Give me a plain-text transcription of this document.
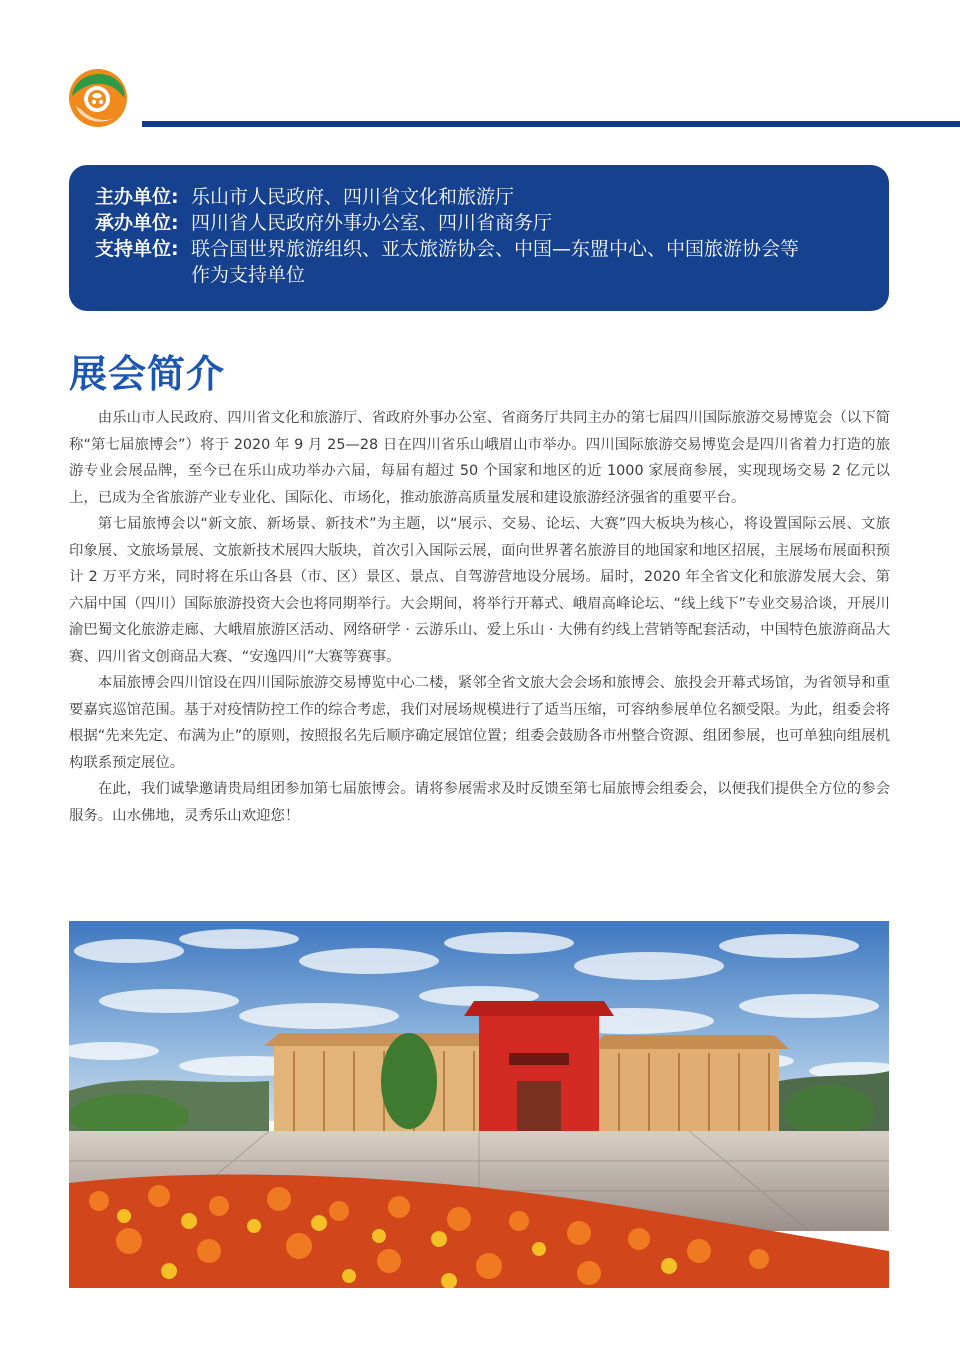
主办单位: 乐山市人民政府、四川省文化和旅游厅
承办单位: 四川省人民政府外事办公室、四川省商务厅
支持单位: 联合国世界旅游组织、亚太旅游协会、中国—东盟中心、中国旅游协会等
作为支持单位
展会简介

由乐山市人民政府、四川省文化和旅游厅、省政府外事办公室、省商务厅共同主办的第七届四川国际旅游交易博览会（以下简称“第七届旅博会”）将于 2020 年 9 月 25—28 日在四川省乐山峨眉山市举办。四川国际旅游交易博览会是四川省着力打造的旅游专业会展品牌，至今已在乐山成功举办六届，每届有超过 50 个国家和地区的近 1000 家展商参展，实现现场交易 2 亿元以上，已成为全省旅游产业专业化、国际化、市场化，推动旅游高质量发展和建设旅游经济强省的重要平台。

第七届旅博会以“新文旅、新场景、新技术”为主题，以“展示、交易、论坛、大赛”四大板块为核心，将设置国际云展、文旅印象展、文旅场景展、文旅新技术展四大版块，首次引入国际云展，面向世界著名旅游目的地国家和地区招展，主展场布展面积预计 2 万平方米，同时将在乐山各县（市、区）景区、景点、自驾游营地设分展场。届时，2020 年全省文化和旅游发展大会、第六届中国（四川）国际旅游投资大会也将同期举行。大会期间，将举行开幕式、峨眉高峰论坛、“线上线下”专业交易洽谈，开展川渝巴蜀文化旅游走廊、大峨眉旅游区活动、网络研学 · 云游乐山、爱上乐山 · 大佛有约线上营销等配套活动，中国特色旅游商品大赛、四川省文创商品大赛、“安逸四川”大赛等赛事。

本届旅博会四川馆设在四川国际旅游交易博览中心二楼，紧邻全省文旅大会会场和旅博会、旅投会开幕式场馆，为省领导和重要嘉宾巡馆范围。基于对疫情防控工作的综合考虑，我们对展场规模进行了适当压缩，可容纳参展单位名额受限。为此，组委会将根据“先来先定、布满为止”的原则，按照报名先后顺序确定展馆位置；组委会鼓励各市州整合资源、组团参展，也可单独向组展机构联系预定展位。

在此，我们诚挚邀请贵局组团参加第七届旅博会。请将参展需求及时反馈至第七届旅博会组委会，以便我们提供全方位的参会服务。山水佛地，灵秀乐山欢迎您！
